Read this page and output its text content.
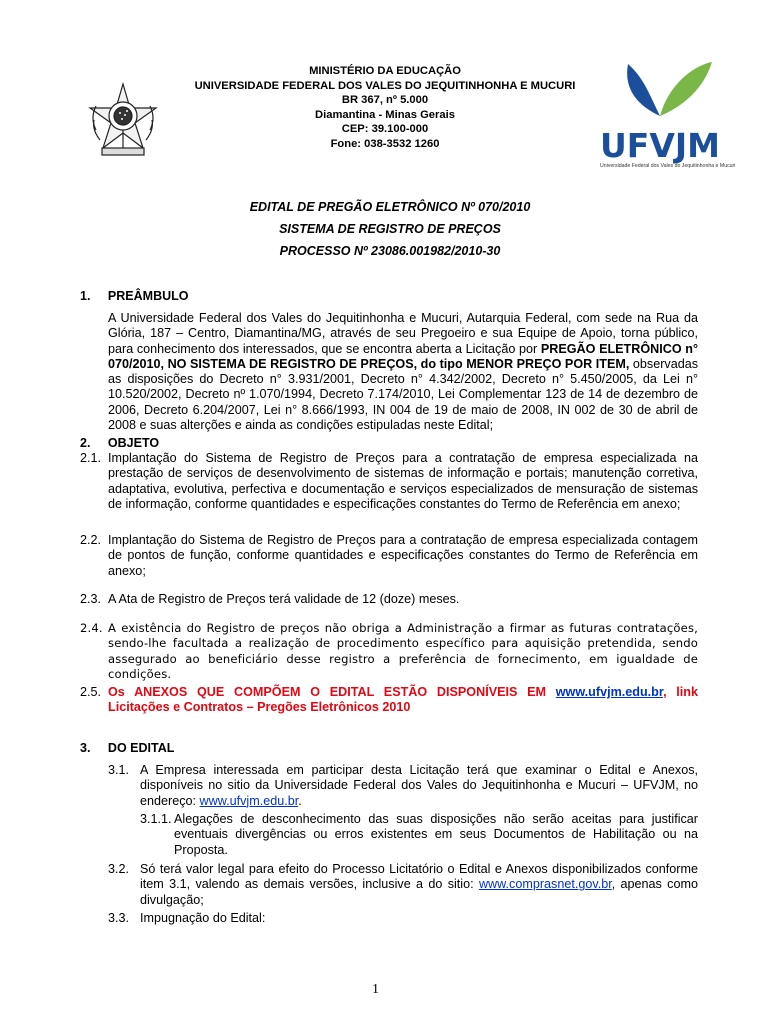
MINISTÉRIO DA EDUCAÇÃO
UNIVERSIDADE FEDERAL DOS VALES DO JEQUITINHONHA E MUCURI
BR 367, nº 5.000
Diamantina - Minas Gerais
CEP: 39.100-000
Fone: 038-3532 1260	UFVJM
Universidade Federal dos Vales do Jequitinhonha e Mucuri
EDITAL DE PREGÃO ELETRÔNICO Nº 070/2010
SISTEMA DE REGISTRO DE PREÇOS
PROCESSO Nº 23086.001982/2010-30
1. PREÂMBULO
A Universidade Federal dos Vales do Jequitinhonha e Mucuri, Autarquia Federal, com sede na Rua da Glória, 187 – Centro, Diamantina/MG, através de seu Pregoeiro e sua Equipe de Apoio, torna público, para conhecimento dos interessados, que se encontra aberta a Licitação por PREGÃO ELETRÔNICO n° 070/2010, NO SISTEMA DE REGISTRO DE PREÇOS, do tipo MENOR PREÇO POR ITEM, observadas as disposições do Decreto n° 3.931/2001, Decreto n° 4.342/2002, Decreto n° 5.450/2005, da Lei n° 10.520/2002, Decreto nº 1.070/1994, Decreto 7.174/2010, Lei Complementar 123 de 14 de dezembro de 2006, Decreto 6.204/2007, Lei n° 8.666/1993, IN 004 de 19 de maio de 2008, IN 002 de 30 de abril de 2008 e suas alterções e ainda as condições estipuladas neste Edital;
2. OBJETO
2.1. Implantação do Sistema de Registro de Preços para a contratação de empresa especializada na prestação de serviços de desenvolvimento de sistemas de informação e portais; manutenção corretiva, adaptativa, evolutiva, perfectiva e documentação e serviços especializados de mensuração de sistemas de informação, conforme quantidades e especificações constantes do Termo de Referência em anexo;
2.2. Implantação do Sistema de Registro de Preços para a contratação de empresa especializada contagem de pontos de função, conforme quantidades e especificações constantes do Termo de Referência em anexo;
2.3. A Ata de Registro de Preços terá validade de 12 (doze) meses.
2.4. A existência do Registro de preços não obriga a Administração a firmar as futuras contratações, sendo-lhe facultada a realização de procedimento específico para aquisição pretendida, sendo assegurado ao beneficiário desse registro a preferência de fornecimento, em igualdade de condições.
2.5. Os ANEXOS QUE COMPÕEM O EDITAL ESTÃO DISPONÍVEIS EM www.ufvjm.edu.br, link Licitações e Contratos – Pregões Eletrônicos 2010
3. DO EDITAL
3.1. A Empresa interessada em participar desta Licitação terá que examinar o Edital e Anexos, disponíveis no sitio da Universidade Federal dos Vales do Jequitinhonha e Mucuri – UFVJM, no endereço: www.ufvjm.edu.br.
3.1.1. Alegações de desconhecimento das suas disposições não serão aceitas para justificar eventuais divergências ou erros existentes em seus Documentos de Habilitação ou na Proposta.
3.2. Só terá valor legal para efeito do Processo Licitatório o Edital e Anexos disponibilizados conforme item 3.1, valendo as demais versões, inclusive a do sitio: www.comprasnet.gov.br, apenas como divulgação;
3.3. Impugnação do Edital:
1
